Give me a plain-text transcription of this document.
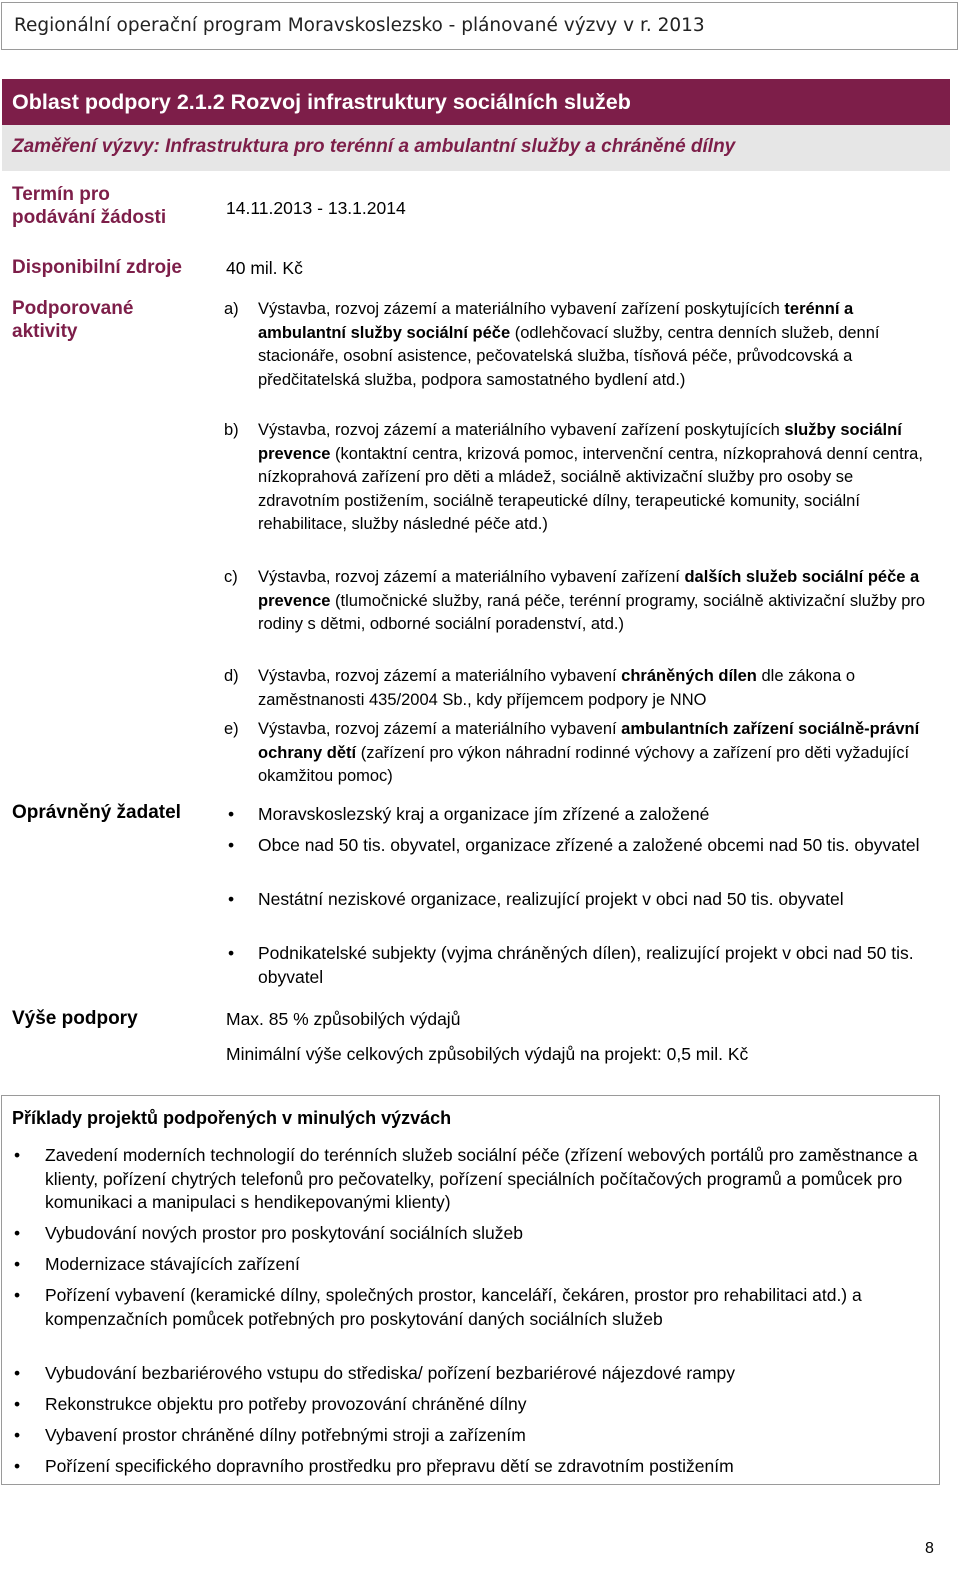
Regionální operační program Moravskoslezsko - plánované výzvy v r. 2013
Oblast podpory 2.1.2 Rozvoj infrastruktury sociálních služeb
Zaměření výzvy: Infrastruktura pro terénní a ambulantní služby a chráněné dílny
Termín pro
podávání žádosti	14.11.2013 - 13.1.2014
Disponibilní zdroje	40 mil. Kč
Podporované
aktivity
a) Výstavba, rozvoj zázemí a materiálního vybavení zařízení poskytujících terénní a ambulantní služby sociální péče (odlehčovací služby, centra denních služeb, denní stacionáře, osobní asistence, pečovatelská služba, tísňová péče, průvodcovská a předčitatelská služba, podpora samostatného bydlení atd.)
b) Výstavba, rozvoj zázemí a materiálního vybavení zařízení poskytujících služby sociální prevence (kontaktní centra, krizová pomoc, intervenční centra, nízkoprahová denní centra, nízkoprahová zařízení pro děti a mládež, sociálně aktivizační služby pro osoby se zdravotním postižením, sociálně terapeutické dílny, terapeutické komunity, sociální rehabilitace, služby následné péče atd.)
c) Výstavba, rozvoj zázemí a materiálního vybavení zařízení dalších služeb sociální péče a prevence (tlumočnické služby, raná péče, terénní programy, sociálně aktivizační služby pro rodiny s dětmi, odborné sociální poradenství, atd.)
d) Výstavba, rozvoj zázemí a materiálního vybavení chráněných dílen dle zákona o zaměstnanosti 435/2004 Sb., kdy příjemcem podpory je NNO
e) Výstavba, rozvoj zázemí a materiálního vybavení ambulantních zařízení sociálně-právní ochrany dětí (zařízení pro výkon náhradní rodinné výchovy a zařízení pro děti vyžadující okamžitou pomoc)
Oprávněný žadatel	• Moravskoslezský kraj a organizace jím zřízené a založené
• Obce nad 50 tis. obyvatel, organizace zřízené a založené obcemi nad 50 tis. obyvatel
• Nestátní neziskové organizace, realizující projekt v obci nad 50 tis. obyvatel
• Podnikatelské subjekty (vyjma chráněných dílen), realizující projekt v obci nad 50 tis. obyvatel
Výše podpory	Max. 85 % způsobilých výdajů
Minimální výše celkových způsobilých výdajů na projekt: 0,5 mil. Kč
Příklady projektů podpořených v minulých výzvách
• Zavedení moderních technologií do terénních služeb sociální péče (zřízení webových portálů pro zaměstnance a klienty, pořízení chytrých telefonů pro pečovatelky, pořízení speciálních počítačových programů a pomůcek pro komunikaci a manipulaci s hendikepovanými klienty)
• Vybudování nových prostor pro poskytování sociálních služeb
• Modernizace stávajících zařízení
• Pořízení vybavení (keramické dílny, společných prostor, kanceláří, čekáren, prostor pro rehabilitaci atd.) a kompenzačních pomůcek potřebných pro poskytování daných sociálních služeb
• Vybudování bezbariérového vstupu do střediska/ pořízení bezbariérové nájezdové rampy
• Rekonstrukce objektu pro potřeby provozování chráněné dílny
• Vybavení prostor chráněné dílny potřebnými stroji a zařízením
• Pořízení specifického dopravního prostředku pro přepravu dětí se zdravotním postižením
8
